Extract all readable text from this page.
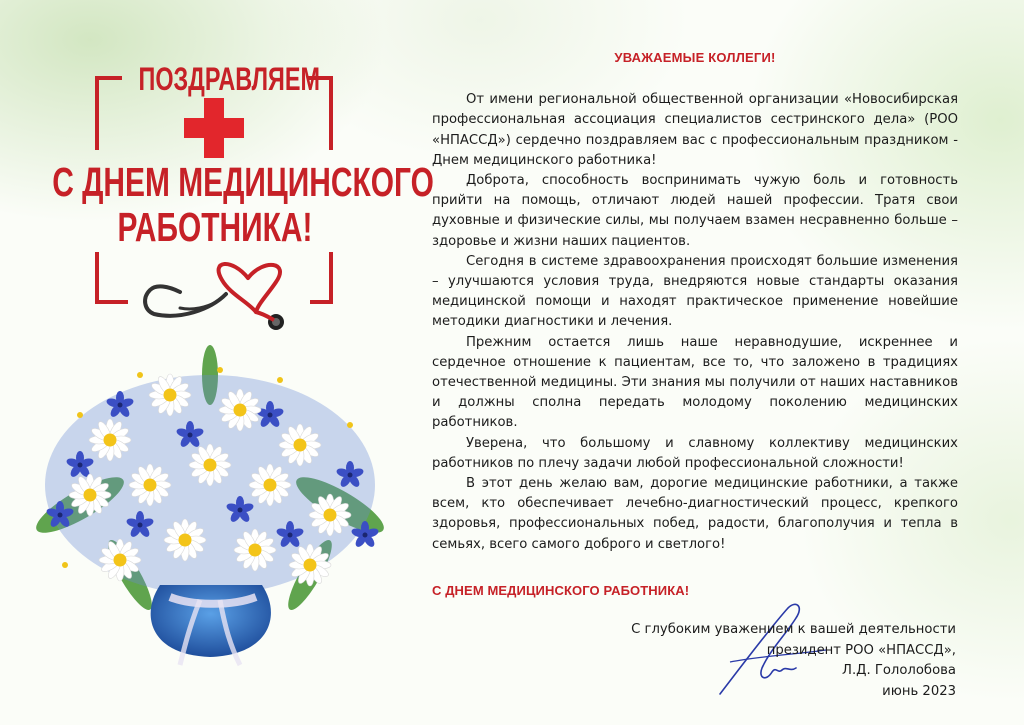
ПОЗДРАВЛЯЕМ
С ДНЕМ МЕДИЦИНСКОГО
РАБОТНИКА!
УВАЖАЕМЫЕ КОЛЛЕГИ!

От имени региональной общественной организации «Новосибирская профессиональная ассоциация специалистов сестринского дела» (РОО «НПАССД») сердечно поздравляем вас с профессиональным праздником - Днем медицинского работника!

Доброта, способность воспринимать чужую боль и готовность прийти на помощь, отличают людей нашей профессии. Тратя свои духовные и физические силы, мы получаем взамен несравненно больше – здоровье и жизни наших пациентов.

Сегодня в системе здравоохранения происходят большие изменения – улучшаются условия труда, внедряются новые стандарты оказания медицинской помощи и находят практическое применение новейшие методики диагностики и лечения.

Прежним остается лишь наше неравнодушие, искреннее и сердечное отношение к пациентам, все то, что заложено в традициях отечественной медицины. Эти знания мы получили от наших наставников и должны сполна передать молодому поколению медицинских работников.

Уверена, что большому и славному коллективу медицинских работников по плечу задачи любой профессиональной сложности!

В этот день желаю вам, дорогие медицинские работники, а также всем, кто обеспечивает лечебно-диагностический процесс, крепкого здоровья, профессиональных побед, радости, благополучия и тепла в семьях, всего самого доброго и светлого!

С ДНЕМ МЕДИЦИНСКОГО РАБОТНИКА!
С глубоким уважением к вашей деятельности
президент РОО «НПАССД»,
Л.Д. Гололобова
июнь 2023
